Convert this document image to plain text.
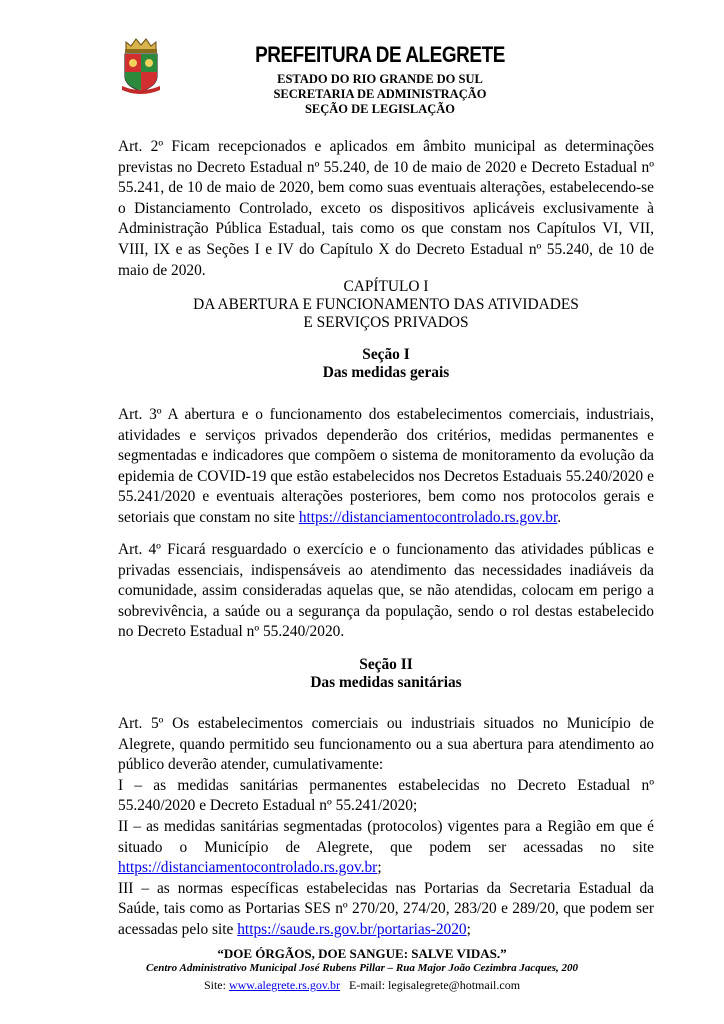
PREFEITURA DE ALEGRETE
ESTADO DO RIO GRANDE DO SUL
SECRETARIA DE ADMINISTRAÇÃO
SEÇÃO DE LEGISLAÇÃO
Art. 2º Ficam recepcionados e aplicados em âmbito municipal as determinações previstas no Decreto Estadual nº 55.240, de 10 de maio de 2020 e Decreto Estadual nº 55.241, de 10 de maio de 2020, bem como suas eventuais alterações, estabelecendo-se o Distanciamento Controlado, exceto os dispositivos aplicáveis exclusivamente à Administração Pública Estadual, tais como os que constam nos Capítulos VI, VII, VIII, IX e as Seções I e IV do Capítulo X do Decreto Estadual nº 55.240, de 10 de maio de 2020.
CAPÍTULO I
DA ABERTURA E FUNCIONAMENTO DAS ATIVIDADES
E SERVIÇOS PRIVADOS
Seção I
Das medidas gerais
Art. 3º A abertura e o funcionamento dos estabelecimentos comerciais, industriais, atividades e serviços privados dependerão dos critérios, medidas permanentes e segmentadas e indicadores que compõem o sistema de monitoramento da evolução da epidemia de COVID-19 que estão estabelecidos nos Decretos Estaduais 55.240/2020 e 55.241/2020 e eventuais alterações posteriores, bem como nos protocolos gerais e setoriais que constam no site https://distanciamentocontrolado.rs.gov.br.
Art. 4º Ficará resguardado o exercício e o funcionamento das atividades públicas e privadas essenciais, indispensáveis ao atendimento das necessidades inadiáveis da comunidade, assim consideradas aquelas que, se não atendidas, colocam em perigo a sobrevivência, a saúde ou a segurança da população, sendo o rol destas estabelecido no Decreto Estadual nº 55.240/2020.
Seção II
Das medidas sanitárias
Art. 5º Os estabelecimentos comerciais ou industriais situados no Município de Alegrete, quando permitido seu funcionamento ou a sua abertura para atendimento ao público deverão atender, cumulativamente:
I – as medidas sanitárias permanentes estabelecidas no Decreto Estadual nº 55.240/2020 e Decreto Estadual nº 55.241/2020;
II – as medidas sanitárias segmentadas (protocolos) vigentes para a Região em que é situado o Município de Alegrete, que podem ser acessadas no site https://distanciamentocontrolado.rs.gov.br;
III – as normas específicas estabelecidas nas Portarias da Secretaria Estadual da Saúde, tais como as Portarias SES nº 270/20, 274/20, 283/20 e 289/20, que podem ser acessadas pelo site https://saude.rs.gov.br/portarias-2020;
“DOE ÓRGÃOS, DOE SANGUE: SALVE VIDAS.”
Centro Administrativo Municipal José Rubens Pillar – Rua Major João Cezimbra Jacques, 200
Site: www.alegrete.rs.gov.br   E-mail: legisalegrete@hotmail.com
